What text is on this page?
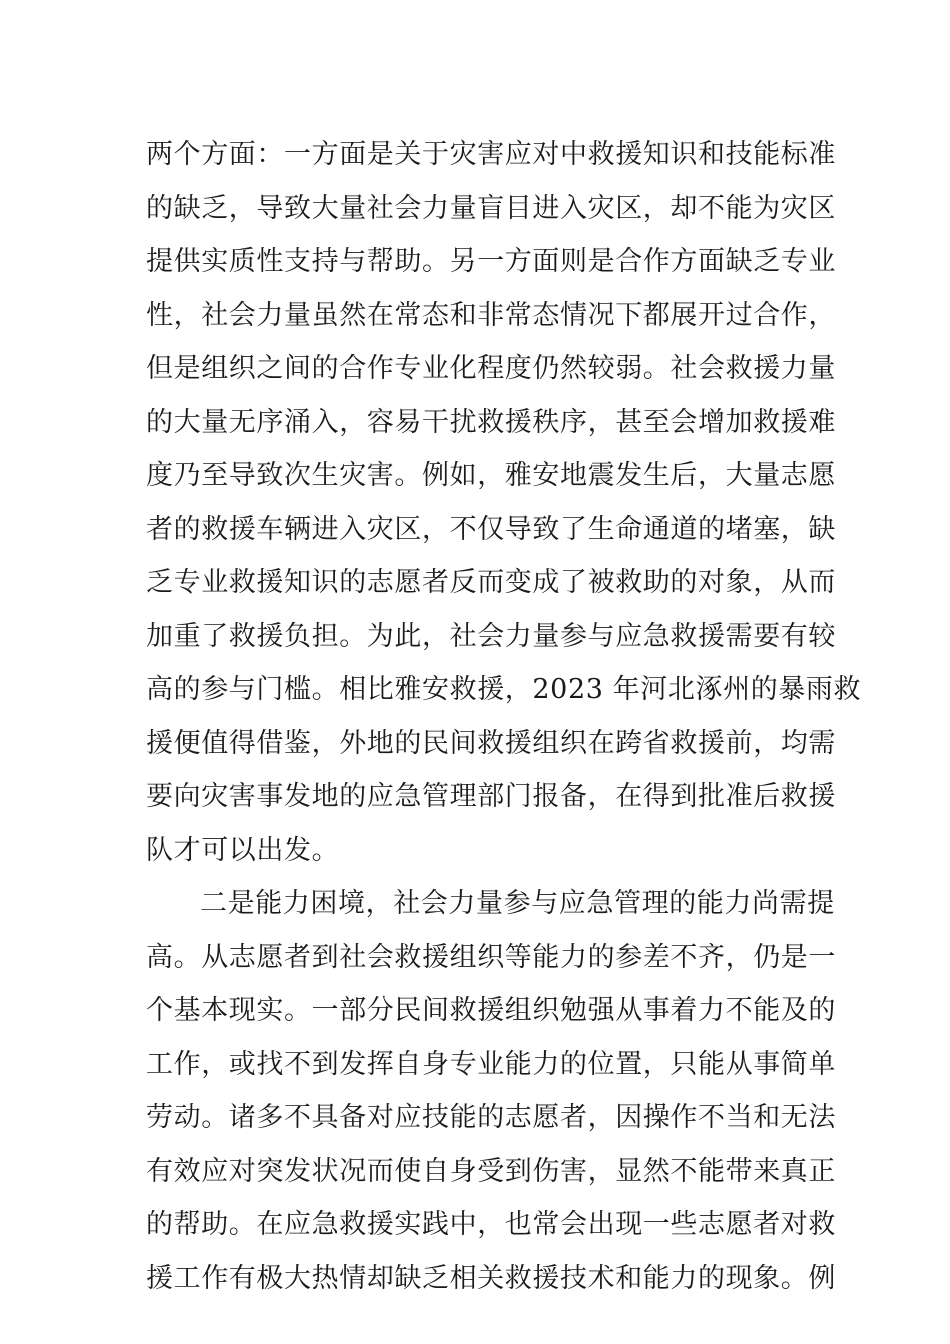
两个方面：一方面是关于灾害应对中救援知识和技能标准
的缺乏，导致大量社会力量盲目进入灾区，却不能为灾区
提供实质性支持与帮助。另一方面则是合作方面缺乏专业
性，社会力量虽然在常态和非常态情况下都展开过合作，
但是组织之间的合作专业化程度仍然较弱。社会救援力量
的大量无序涌入，容易干扰救援秩序，甚至会增加救援难
度乃至导致次生灾害。例如，雅安地震发生后，大量志愿
者的救援车辆进入灾区，不仅导致了生命通道的堵塞，缺
乏专业救援知识的志愿者反而变成了被救助的对象，从而
加重了救援负担。为此，社会力量参与应急救援需要有较
高的参与门槛。相比雅安救援，2023 年河北涿州的暴雨救
援便值得借鉴，外地的民间救援组织在跨省救援前，均需
要向灾害事发地的应急管理部门报备，在得到批准后救援
队才可以出发。
二是能力困境，社会力量参与应急管理的能力尚需提
高。从志愿者到社会救援组织等能力的参差不齐，仍是一
个基本现实。一部分民间救援组织勉强从事着力不能及的
工作，或找不到发挥自身专业能力的位置，只能从事简单
劳动。诸多不具备对应技能的志愿者，因操作不当和无法
有效应对突发状况而使自身受到伤害，显然不能带来真正
的帮助。在应急救援实践中，也常会出现一些志愿者对救
援工作有极大热情却缺乏相关救援技术和能力的现象。例
